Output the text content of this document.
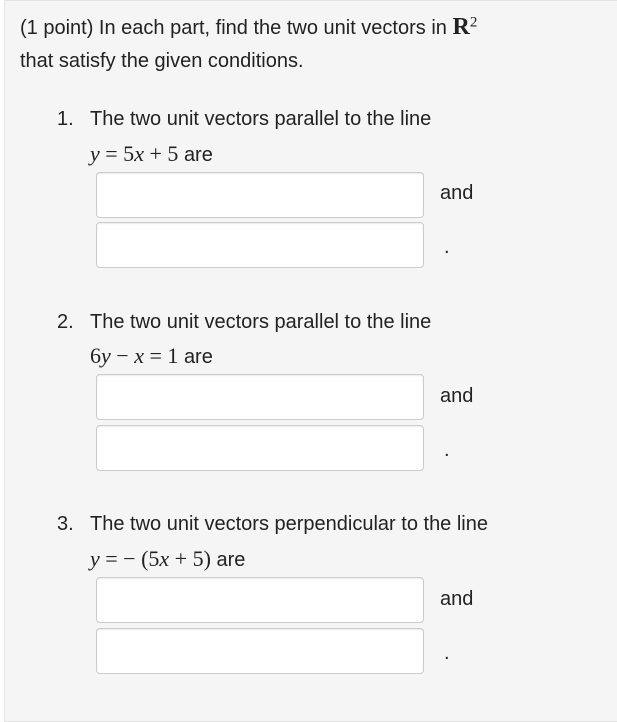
(1 point) In each part, find the two unit vectors in $R^2$
that satisfy the given conditions.
1. The two unit vectors parallel to the line
y = 5x + 5 are
and
.
2. The two unit vectors parallel to the line
6y − x = 1 are
and
.
3. The two unit vectors perpendicular to the line
y = − (5x + 5) are
and
.
